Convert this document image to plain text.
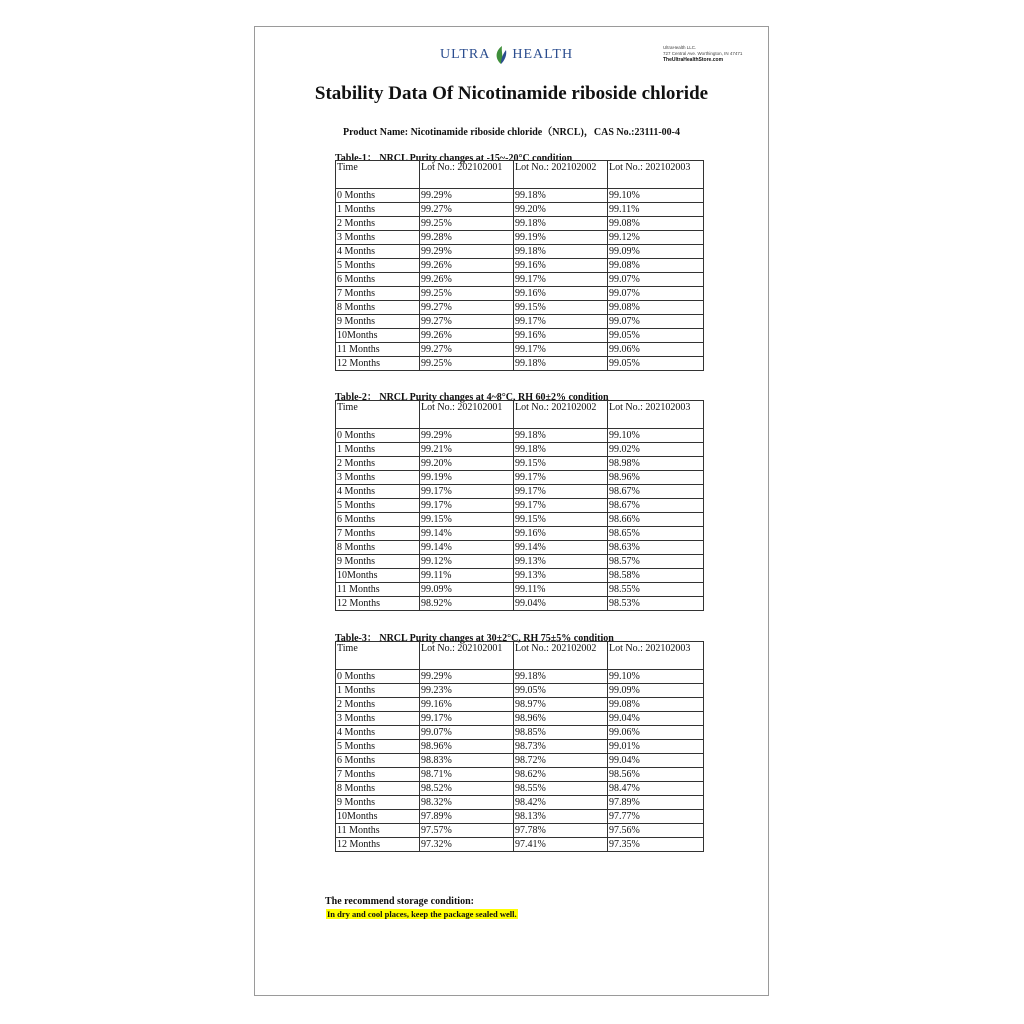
ULTRA HEALTH	UltraHealth LLC.
727 Central Ave. Worthington, IN 47471
TheUltraHealthStore.com
Stability Data Of Nicotinamide riboside chloride
Product Name: Nicotinamide riboside chloride（NRCL)，CAS No.:23111-00-4
Table-1： NRCL Purity changes at -15~-20°C condition
Time	Lot No.: 202102001	Lot No.: 202102002	Lot No.: 202102003
0 Months	99.29%	99.18%	99.10%
1 Months	99.27%	99.20%	99.11%
2 Months	99.25%	99.18%	99.08%
3 Months	99.28%	99.19%	99.12%
4 Months	99.29%	99.18%	99.09%
5 Months	99.26%	99.16%	99.08%
6 Months	99.26%	99.17%	99.07%
7 Months	99.25%	99.16%	99.07%
8 Months	99.27%	99.15%	99.08%
9 Months	99.27%	99.17%	99.07%
10Months	99.26%	99.16%	99.05%
11 Months	99.27%	99.17%	99.06%
12 Months	99.25%	99.18%	99.05%
Table-2： NRCL Purity changes at 4~8°C, RH 60±2% condition
Time	Lot No.: 202102001	Lot No.: 202102002	Lot No.: 202102003
0 Months	99.29%	99.18%	99.10%
1 Months	99.21%	99.18%	99.02%
2 Months	99.20%	99.15%	98.98%
3 Months	99.19%	99.17%	98.96%
4 Months	99.17%	99.17%	98.67%
5 Months	99.17%	99.17%	98.67%
6 Months	99.15%	99.15%	98.66%
7 Months	99.14%	99.16%	98.65%
8 Months	99.14%	99.14%	98.63%
9 Months	99.12%	99.13%	98.57%
10Months	99.11%	99.13%	98.58%
11 Months	99.09%	99.11%	98.55%
12 Months	98.92%	99.04%	98.53%
Table-3： NRCL Purity changes at 30±2°C, RH 75±5% condition
Time	Lot No.: 202102001	Lot No.: 202102002	Lot No.: 202102003
0 Months	99.29%	99.18%	99.10%
1 Months	99.23%	99.05%	99.09%
2 Months	99.16%	98.97%	99.08%
3 Months	99.17%	98.96%	99.04%
4 Months	99.07%	98.85%	99.06%
5 Months	98.96%	98.73%	99.01%
6 Months	98.83%	98.72%	99.04%
7 Months	98.71%	98.62%	98.56%
8 Months	98.52%	98.55%	98.47%
9 Months	98.32%	98.42%	97.89%
10Months	97.89%	98.13%	97.77%
11 Months	97.57%	97.78%	97.56%
12 Months	97.32%	97.41%	97.35%
The recommend storage condition:
In dry and cool places, keep the package sealed well.
